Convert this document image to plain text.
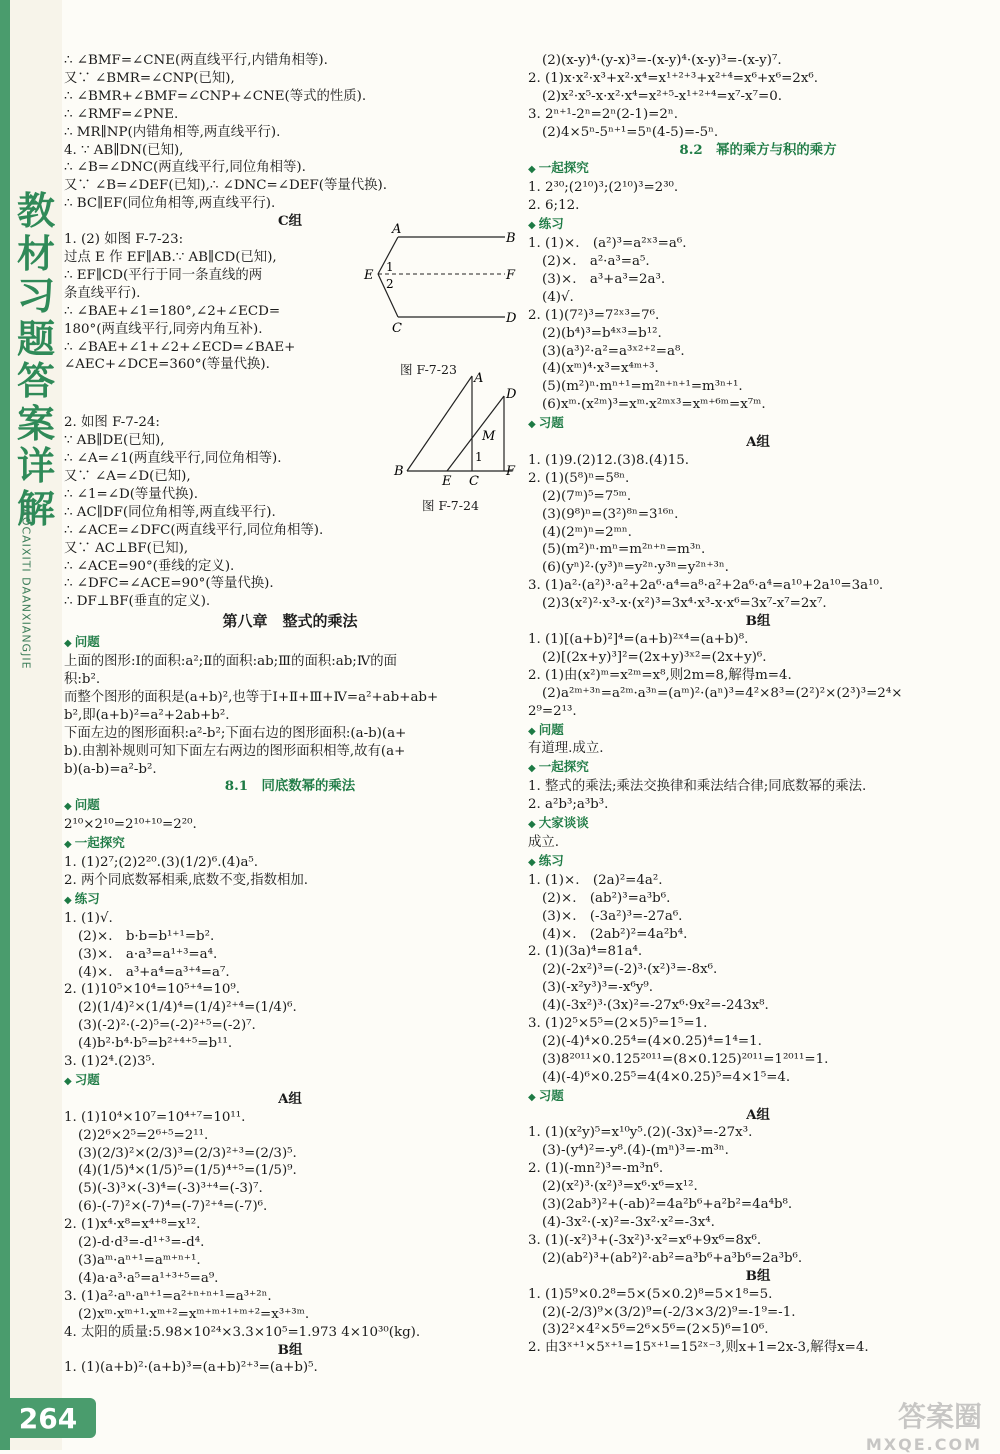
教
材
习
题
答
案
详
解
JIAOCAIXITI DAANXIANGJIE
264
∴ ∠BMF=∠CNE(两直线平行,内错角相等).
又∵ ∠BMR=∠CNP(已知),
∴ ∠BMR+∠BMF=∠CNP+∠CNE(等式的性质).
∴ ∠RMF=∠PNE.
∴ MR∥NP(内错角相等,两直线平行).
4. ∵ AB∥DN(已知),
∴ ∠B=∠DNC(两直线平行,同位角相等).
又∵ ∠B=∠DEF(已知),∴ ∠DNC=∠DEF(等量代换).
∴ BC∥EF(同位角相等,两直线平行).
C组
1. (2) 如图 F-7-23:
过点 E 作 EF∥AB.∵ AB∥CD(已知),
∴ EF∥CD(平行于同一条直线的两
条直线平行).
∴ ∠BAE+∠1=180°,∠2+∠ECD=
180°(两直线平行,同旁内角互补).
∴ ∠BAE+∠1+∠2+∠ECD=∠BAE+
∠AEC+∠DCE=360°(等量代换).
2. 如图 F-7-24:
∵ AB∥DE(已知),
∴ ∠A=∠1(两直线平行,同位角相等).
又∵ ∠A=∠D(已知),
∴ ∠1=∠D(等量代换).
∴ AC∥DF(同位角相等,两直线平行).
∴ ∠ACE=∠DFC(两直线平行,同位角相等).
又∵ AC⊥BF(已知),
∴ ∠ACE=90°(垂线的定义).
∴ ∠DFC=∠ACE=90°(等量代换).
∴ DF⊥BF(垂直的定义).
第八章　整式的乘法
◆ 问题
上面的图形:Ⅰ的面积:a²;Ⅱ的面积:ab;Ⅲ的面积:ab;Ⅳ的面
积:b².
而整个图形的面积是(a+b)²,也等于Ⅰ+Ⅱ+Ⅲ+Ⅳ=a²+ab+ab+
b²,即(a+b)²=a²+2ab+b².
下面左边的图形面积:a²-b²;下面右边的图形面积:(a-b)(a+
b).由割补规则可知下面左右两边的图形面积相等,故有(a+
b)(a-b)=a²-b².
8.1　同底数幂的乘法
◆ 问题
2¹⁰×2¹⁰=2¹⁰⁺¹⁰=2²⁰.
◆ 一起探究
1. (1)2⁷;(2)2²⁰.(3)(1/2)⁶.(4)a⁵.
2. 两个同底数幂相乘,底数不变,指数相加.
◆ 练习
1. (1)√.
(2)×.　b·b=b¹⁺¹=b².
(3)×.　a·a³=a¹⁺³=a⁴.
(4)×.　a³+a⁴=a³⁺⁴=a⁷.
2. (1)10⁵×10⁴=10⁵⁺⁴=10⁹.
(2)(1/4)²×(1/4)⁴=(1/4)²⁺⁴=(1/4)⁶.
(3)(-2)²·(-2)⁵=(-2)²⁺⁵=(-2)⁷.
(4)b²·b⁴·b⁵=b²⁺⁴⁺⁵=b¹¹.
3. (1)2⁴.(2)3⁵.
◆ 习题
A组
1. (1)10⁴×10⁷=10⁴⁺⁷=10¹¹.
(2)2⁶×2⁵=2⁶⁺⁵=2¹¹.
(3)(2/3)²×(2/3)³=(2/3)²⁺³=(2/3)⁵.
(4)(1/5)⁴×(1/5)⁵=(1/5)⁴⁺⁵=(1/5)⁹.
(5)(-3)³×(-3)⁴=(-3)³⁺⁴=(-3)⁷.
(6)-(-7)²×(-7)⁴=(-7)²⁺⁴=(-7)⁶.
2. (1)x⁴·x⁸=x⁴⁺⁸=x¹².
(2)-d·d³=-d¹⁺³=-d⁴.
(3)aᵐ·aⁿ⁺¹=aᵐ⁺ⁿ⁺¹.
(4)a·a³·a⁵=a¹⁺³⁺⁵=a⁹.
3. (1)a²·aⁿ·aⁿ⁺¹=a²⁺ⁿ⁺ⁿ⁺¹=a³⁺²ⁿ.
(2)xᵐ·xᵐ⁺¹·xᵐ⁺²=xᵐ⁺ᵐ⁺¹⁺ᵐ⁺²=x³⁺³ᵐ.
4. 太阳的质量:5.98×10²⁴×3.3×10⁵=1.973 4×10³⁰(kg).
B组
1. (1)(a+b)²·(a+b)³=(a+b)²⁺³=(a+b)⁵.
A
B
E	F
C
D
1
2
图 F-7-23
A
B
E C
F
D
M
1
图 F-7-24
(2)(x-y)⁴·(y-x)³=-(x-y)⁴·(x-y)³=-(x-y)⁷.
2. (1)x·x²·x³+x²·x⁴=x¹⁺²⁺³+x²⁺⁴=x⁶+x⁶=2x⁶.
(2)x²·x⁵-x·x²·x⁴=x²⁺⁵-x¹⁺²⁺⁴=x⁷-x⁷=0.
3. 2ⁿ⁺¹-2ⁿ=2ⁿ(2-1)=2ⁿ.
(2)4×5ⁿ-5ⁿ⁺¹=5ⁿ(4-5)=-5ⁿ.
8.2　幂的乘方与积的乘方
◆ 一起探究
1. 2³⁰;(2¹⁰)³;(2¹⁰)³=2³⁰.
2. 6;12.
◆ 练习
1. (1)×.　(a²)³=a²ˣ³=a⁶.
(2)×.　a²·a³=a⁵.
(3)×.　a³+a³=2a³.
(4)√.
2. (1)(7²)³=7²ˣ³=7⁶.
(2)(b⁴)³=b⁴ˣ³=b¹².
(3)(a³)²·a²=a³ˣ²⁺²=a⁸.
(4)(xᵐ)⁴·x³=x⁴ᵐ⁺³.
(5)(m²)ⁿ·mⁿ⁺¹=m²ⁿ⁺ⁿ⁺¹=m³ⁿ⁺¹.
(6)xᵐ·(x²ᵐ)³=xᵐ·x²ᵐˣ³=xᵐ⁺⁶ᵐ=x⁷ᵐ.
◆ 习题
A组
1. (1)9.(2)12.(3)8.(4)15.
2. (1)(5⁸)ⁿ=5⁸ⁿ.
(2)(7ᵐ)⁵=7⁵ᵐ.
(3)(9⁸)ⁿ=(3²)⁸ⁿ=3¹⁶ⁿ.
(4)(2ᵐ)ⁿ=2ᵐⁿ.
(5)(m²)ⁿ·mⁿ=m²ⁿ⁺ⁿ=m³ⁿ.
(6)(yⁿ)²·(y³)ⁿ=y²ⁿ·y³ⁿ=y²ⁿ⁺³ⁿ.
3. (1)a²·(a²)³·a²+2a⁶·a⁴=a⁸·a²+2a⁶·a⁴=a¹⁰+2a¹⁰=3a¹⁰.
(2)3(x²)²·x³-x·(x²)³=3x⁴·x³-x·x⁶=3x⁷-x⁷=2x⁷.
B组
1. (1)[(a+b)²]⁴=(a+b)²ˣ⁴=(a+b)⁸.
(2)[(2x+y)³]²=(2x+y)³ˣ²=(2x+y)⁶.
2. (1)由(x²)ᵐ=x²ᵐ=x⁸,则2m=8,解得m=4.
(2)a²ᵐ⁺³ⁿ=a²ᵐ·a³ⁿ=(aᵐ)²·(aⁿ)³=4²×8³=(2²)²×(2³)³=2⁴×
2⁹=2¹³.
◆ 问题
有道理.成立.
◆ 一起探究
1. 整式的乘法;乘法交换律和乘法结合律;同底数幂的乘法.
2. a²b³;a³b³.
◆ 大家谈谈
成立.
◆ 练习
1. (1)×.　(2a)²=4a².
(2)×.　(ab²)³=a³b⁶.
(3)×.　(-3a²)³=-27a⁶.
(4)×.　(2ab²)²=4a²b⁴.
2. (1)(3a)⁴=81a⁴.
(2)(-2x²)³=(-2)³·(x²)³=-8x⁶.
(3)(-x²y³)³=-x⁶y⁹.
(4)(-3x²)³·(3x)²=-27x⁶·9x²=-243x⁸.
3. (1)2⁵×5⁵=(2×5)⁵=1⁵=1.
(2)(-4)⁴×0.25⁴=(4×0.25)⁴=1⁴=1.
(3)8²⁰¹¹×0.125²⁰¹¹=(8×0.125)²⁰¹¹=1²⁰¹¹=1.
(4)(-4)⁶×0.25⁵=4(4×0.25)⁵=4×1⁵=4.
◆ 习题
A组
1. (1)(x²y)⁵=x¹⁰y⁵.(2)(-3x)³=-27x³.
(3)-(y⁴)²=-y⁸.(4)-(mⁿ)³=-m³ⁿ.
2. (1)(-mn²)³=-m³n⁶.
(2)(x²)³·(x²)³=x⁶·x⁶=x¹².
(3)(2ab³)²+(-ab)²=4a²b⁶+a²b²=4a⁴b⁸.
(4)-3x²·(-x)²=-3x²·x²=-3x⁴.
3. (1)(-x²)³+(-3x²)³·x²=x⁶+9x⁶=8x⁶.
(2)(ab²)³+(ab²)²·ab²=a³b⁶+a³b⁶=2a³b⁶.
B组
1. (1)5⁹×0.2⁸=5×(5×0.2)⁸=5×1⁸=5.
(2)(-2/3)⁹×(3/2)⁹=(-2/3×3/2)⁹=-1⁹=-1.
(3)2²×4²×5⁶=2⁶×5⁶=(2×5)⁶=10⁶.
2. 由3ˣ⁺¹×5ˣ⁺¹=15ˣ⁺¹=15²ˣ⁻³,则x+1=2x-3,解得x=4.
答案圈
MXQE.COM
